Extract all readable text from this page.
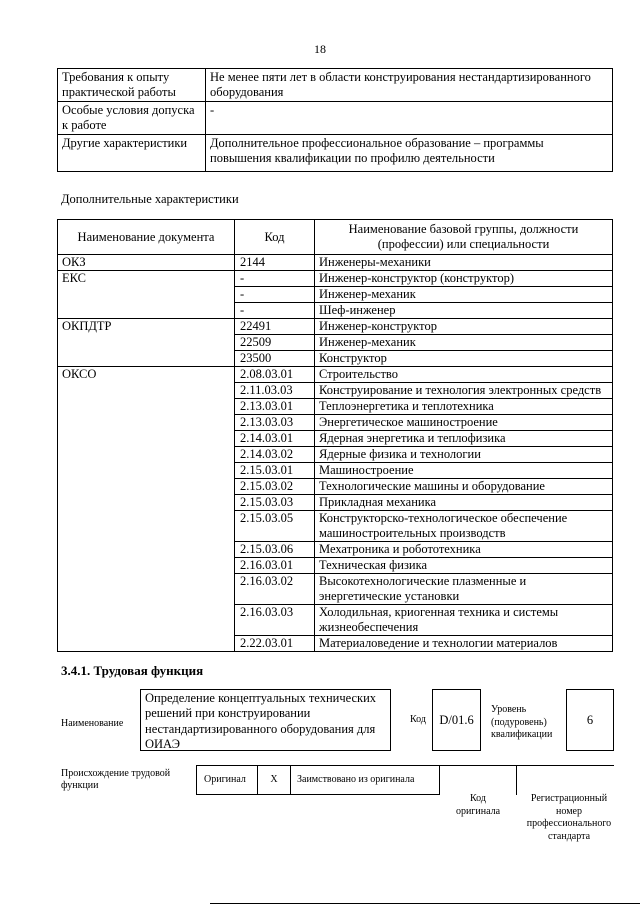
18
Требования к опыту практической работы	Не менее пяти лет в области конструирования нестандартизированного оборудования
Особые условия допуска к работе	-
Другие характеристики	Дополнительное профессиональное образование – программы повышения квалификации по профилю деятельности
Дополнительные характеристики
Наименование документа	Код	Наименование базовой группы, должности (профессии) или специальности
ОКЗ	2144	Инженеры-механики
ЕКС	-	Инженер-конструктор (конструктор)
	-	Инженер-механик
	-	Шеф-инженер
ОКПДТР	22491	Инженер-конструктор
	22509	Инженер-механик
	23500	Конструктор
ОКСО	2.08.03.01	Строительство
	2.11.03.03	Конструирование и технология электронных средств
	2.13.03.01	Теплоэнергетика и теплотехника
	2.13.03.03	Энергетическое машиностроение
	2.14.03.01	Ядерная энергетика и теплофизика
	2.14.03.02	Ядерные физика и технологии
	2.15.03.01	Машиностроение
	2.15.03.02	Технологические машины и оборудование
	2.15.03.03	Прикладная механика
	2.15.03.05	Конструкторско-технологическое обеспечение машиностроительных производств
	2.15.03.06	Мехатроника и робототехника
	2.16.03.01	Техническая физика
	2.16.03.02	Высокотехнологические плазменные и энергетические установки
	2.16.03.03	Холодильная, криогенная техника и системы жизнеобеспечения
	2.22.03.01	Материаловедение и технологии материалов
3.4.1. Трудовая функция
Наименование
Определение концептуальных технических решений при конструировании нестандартизированного оборудования для ОИАЭ
Код	D/01.6
Уровень (подуровень) квалификации
6
Происхождение трудовой функции
Оригинал	X	Заимствовано из оригинала
Код оригинала
Регистрационный номер профессионального стандарта
